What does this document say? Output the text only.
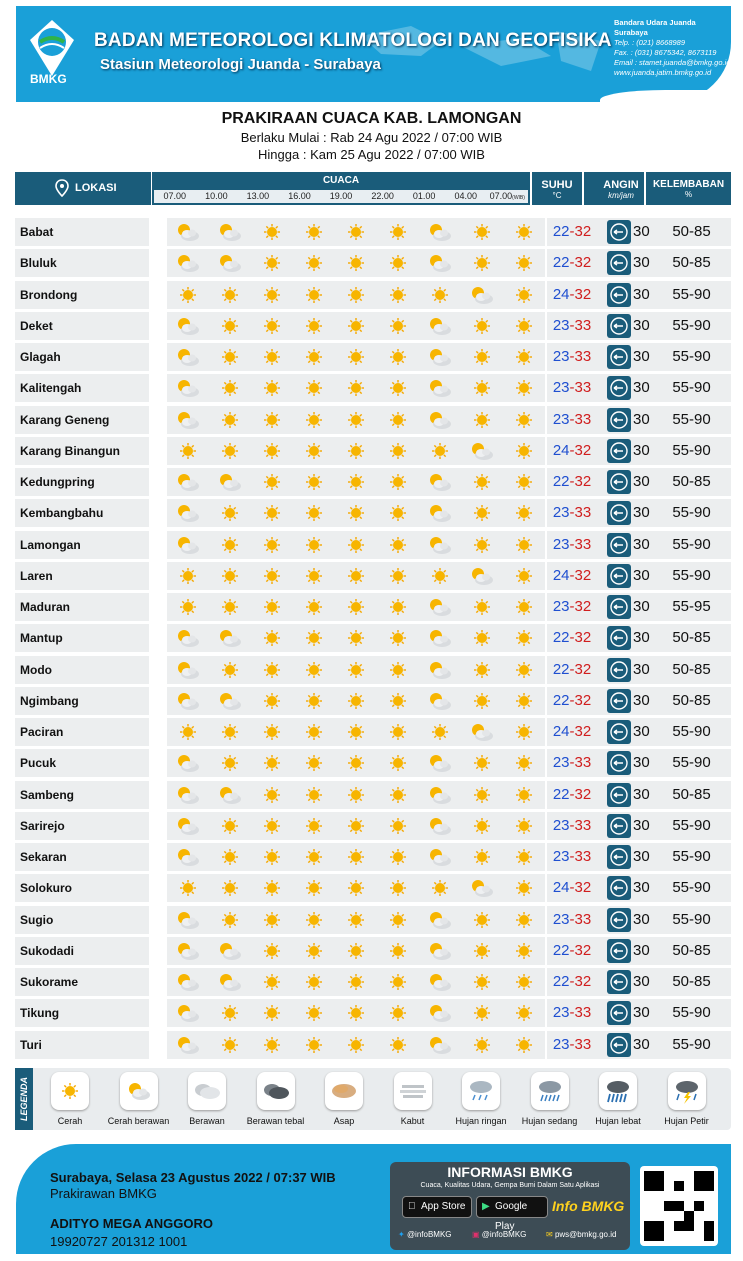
BMKG
BADAN METEOROLOGI KLIMATOLOGI DAN GEOFISIKA
Stasiun Meteorologi Juanda - Surabaya
Bandara Udara Juanda Surabaya
Telp. : (021) 8668989
Fax. : (031) 8675342, 8673119
Email : stamet.juanda@bmkg.go.id
www.juanda.jatim.bmkg.go.id
PRAKIRAAN CUACA KAB. LAMONGAN
Berlaku Mulai : Rab 24 Agu 2022 / 07:00 WIB
Hingga : Kam 25 Agu 2022 / 07:00 WIB
LOKASI
CUACA
07.00	10.00	13.00	16.00	19.00	22.00	01.00	04.00	07.00(WIB)
SUHU
°C
ANGIN
km/jam
KELEMBABAN
%
Babat	22-32	30	50-85
Bluluk	22-32	30	50-85
Brondong	24-32	30	55-90
Deket	23-33	30	55-90
Glagah	23-33	30	55-90
Kalitengah	23-33	30	55-90
Karang Geneng	23-33	30	55-90
Karang Binangun	24-32	30	55-90
Kedungpring	22-32	30	50-85
Kembangbahu	23-33	30	55-90
Lamongan	23-33	30	55-90
Laren	24-32	30	55-90
Maduran	23-32	30	55-95
Mantup	22-32	30	50-85
Modo	22-32	30	50-85
Ngimbang	22-32	30	50-85
Paciran	24-32	30	55-90
Pucuk	23-33	30	55-90
Sambeng	22-32	30	50-85
Sarirejo	23-33	30	55-90
Sekaran	23-33	30	55-90
Solokuro	24-32	30	55-90
Sugio	23-33	30	55-90
Sukodadi	22-32	30	50-85
Sukorame	22-32	30	50-85
Tikung	23-33	30	55-90
Turi	23-33	30	55-90
LEGENDA	Cerah	Cerah berawan	Berawan	Berawan tebal	Asap	Kabut	Hujan ringan	Hujan sedang	Hujan lebat	Hujan Petir
Surabaya, Selasa 23 Agustus 2022 / 07:37 WIB
Prakirawan BMKG
ADITYO MEGA ANGGORO
19920727 201312 1001
INFORMASI BMKG
Cuaca, Kualitas Udara, Gempa Bumi Dalam Satu Aplikasi
App Store	▶ Google Play
Info BMKG
✦ @infoBMKG	▣ @infoBMKG ✉ pws@bmkg.go.id
